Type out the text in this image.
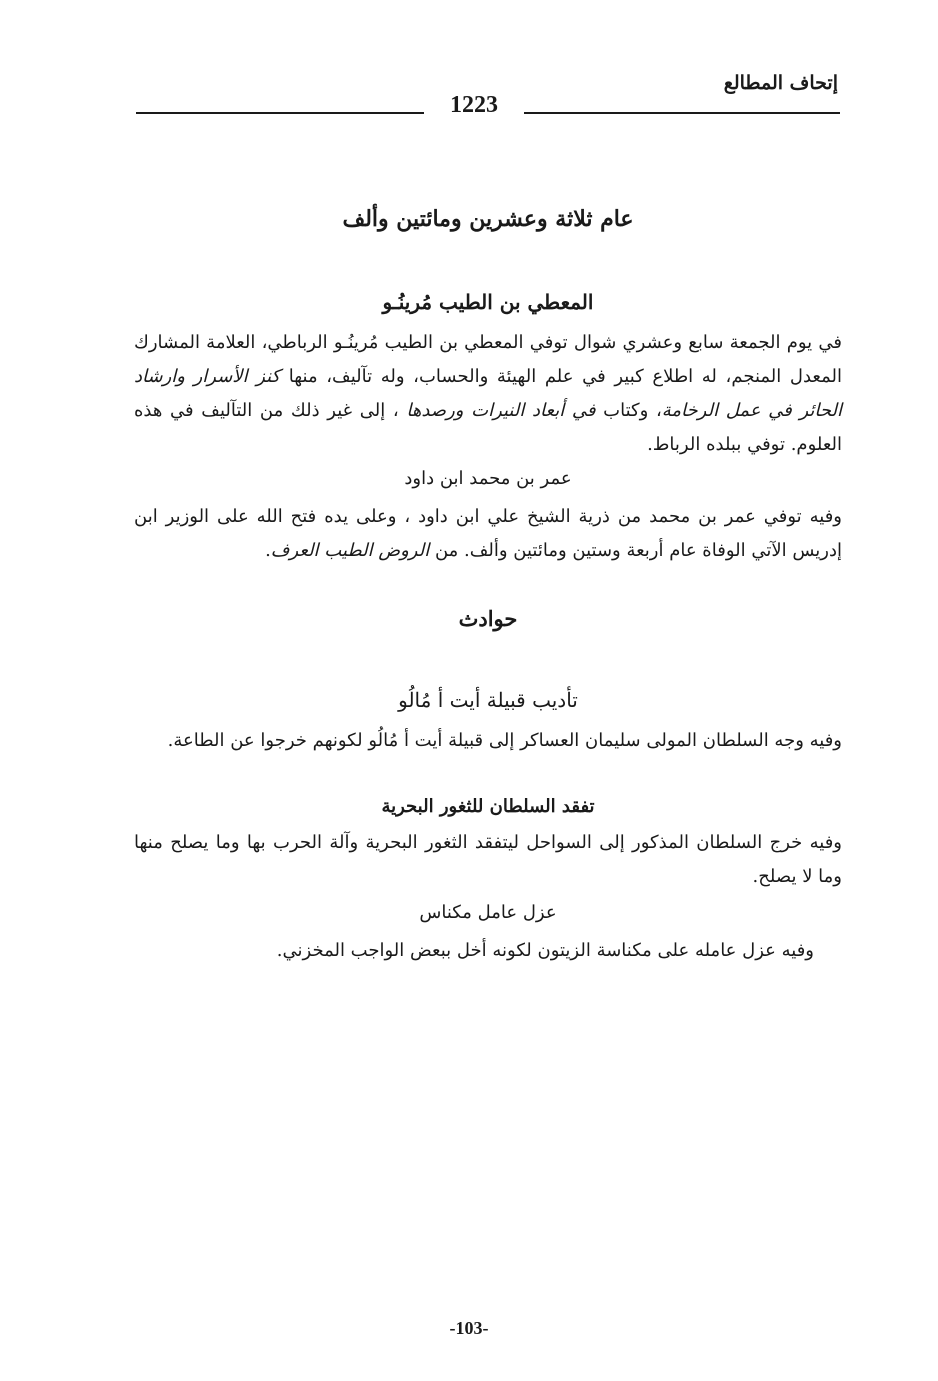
إتحاف المطالع
1223
عام ثلاثة وعشرين ومائتين وألف
المعطي بن الطيب مُرينُـو

في يوم الجمعة سابع وعشري شوال توفي المعطي بن الطيب مُرينُـو الرباطي، العلامة المشارك المعدل المنجم، له اطلاع كبير في علم الهيئة والحساب، وله تآليف، منها كنز الأسرار وارشاد الحائر في عمل الرخامة، وكتاب في أبعاد النيرات ورصدها ، إلى غير ذلك من التآليف في هذه العلوم. توفي ببلده الرباط.

عمر بن محمد ابن داود

وفيه توفي عمر بن محمد من ذرية الشيخ علي ابن داود ، وعلى يده فتح الله على الوزير ابن إدريس الآتي الوفاة عام أربعة وستين ومائتين وألف. من الروض الطيب العرف.

حوادث
تأديب قبيلة أيت أ مُالُو

وفيه وجه السلطان المولى سليمان العساكر إلى قبيلة أيت أ مُالُو لكونهم خرجوا عن الطاعة.

تفقد السلطان للثغور البحرية

وفيه خرج السلطان المذكور إلى السواحل ليتفقد الثغور البحرية وآلة الحرب بها وما يصلح منها وما لا يصلح.

عزل عامل مكناس

وفيه عزل عامله على مكناسة الزيتون لكونه أخل ببعض الواجب المخزني.

-103-
